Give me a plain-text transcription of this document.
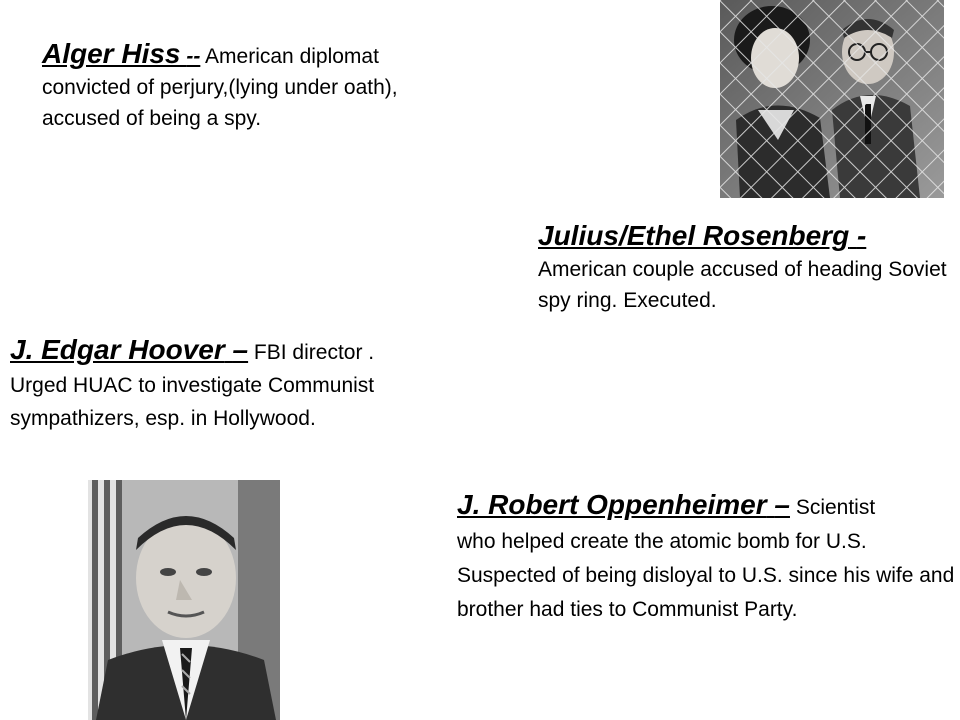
Alger Hiss -- American diplomat convicted of perjury,(lying under oath), accused of being a spy.
Julius/Ethel Rosenberg -
American couple accused of heading Soviet spy ring. Executed.
J. Edgar Hoover – FBI director .
Urged HUAC to investigate Communist sympathizers, esp. in Hollywood.
J. Robert Oppenheimer – Scientist
who helped create the atomic bomb for U.S. Suspected of being disloyal to U.S. since his wife and brother had ties to Communist Party.
